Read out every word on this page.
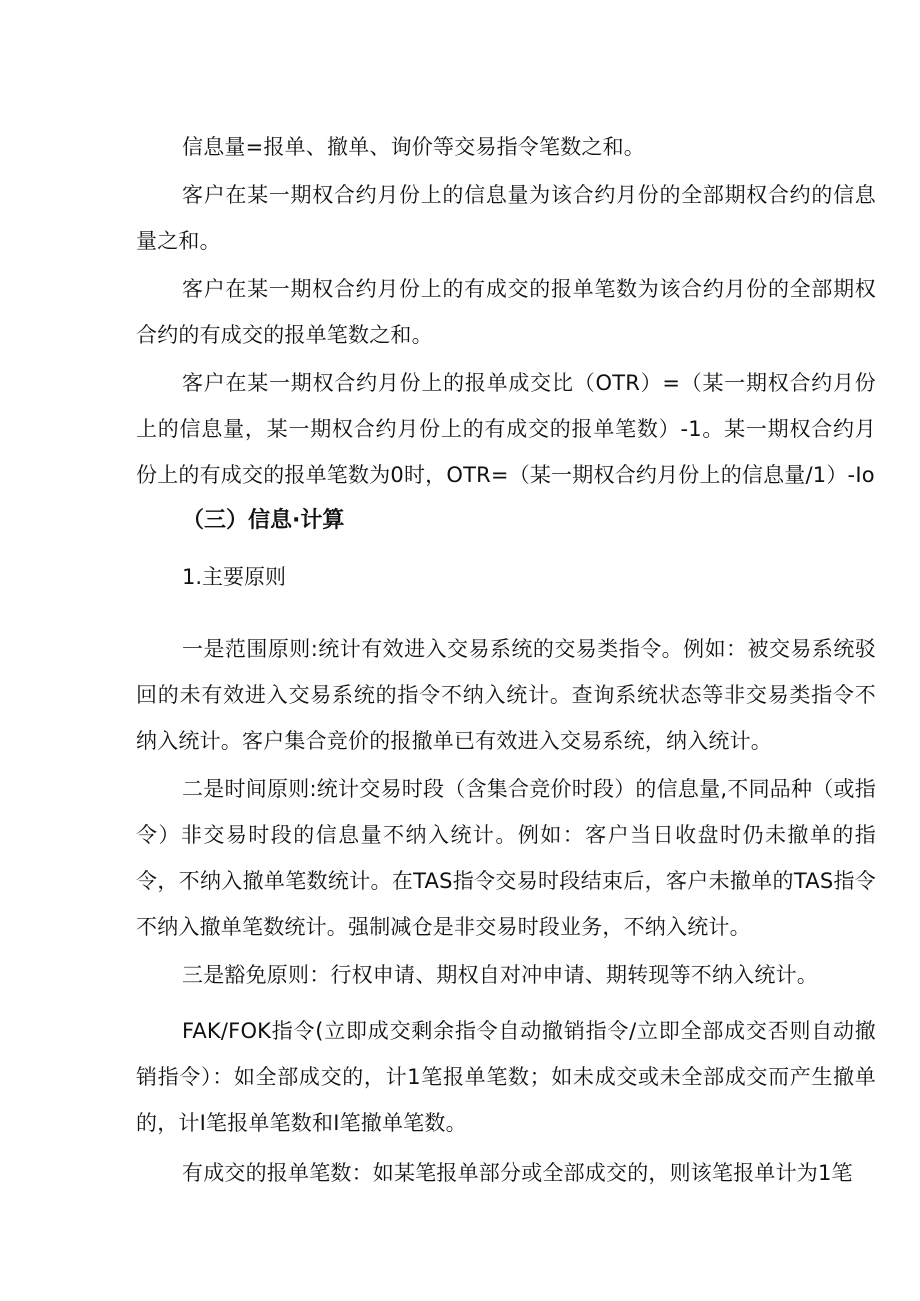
信息量=报单、撤单、询价等交易指令笔数之和。

客户在某一期权合约月份上的信息量为该合约月份的全部期权合约的信息量之和。

客户在某一期权合约月份上的有成交的报单笔数为该合约月份的全部期权合约的有成交的报单笔数之和。

客户在某一期权合约月份上的报单成交比（OTR）=（某一期权合约月份上的信息量，某一期权合约月份上的有成交的报单笔数）-1。某一期权合约月份上的有成交的报单笔数为0时，OTR=（某一期权合约月份上的信息量/1）-Io

（三）信息·计算

1.主要原则

一是范围原则:统计有效进入交易系统的交易类指令。例如：被交易系统驳回的未有效进入交易系统的指令不纳入统计。查询系统状态等非交易类指令不纳入统计。客户集合竞价的报撤单已有效进入交易系统，纳入统计。

二是时间原则:统计交易时段（含集合竞价时段）的信息量,不同品种（或指令）非交易时段的信息量不纳入统计。例如：客户当日收盘时仍未撤单的指令，不纳入撤单笔数统计。在TAS指令交易时段结束后，客户未撤单的TAS指令不纳入撤单笔数统计。强制减仓是非交易时段业务，不纳入统计。

三是豁免原则：行权申请、期权自对冲申请、期转现等不纳入统计。

FAK/FOK指令(立即成交剩余指令自动撤销指令/立即全部成交否则自动撤销指令）：如全部成交的，计1笔报单笔数；如未成交或未全部成交而产生撤单的，计I笔报单笔数和I笔撤单笔数。

有成交的报单笔数：如某笔报单部分或全部成交的，则该笔报单计为1笔
